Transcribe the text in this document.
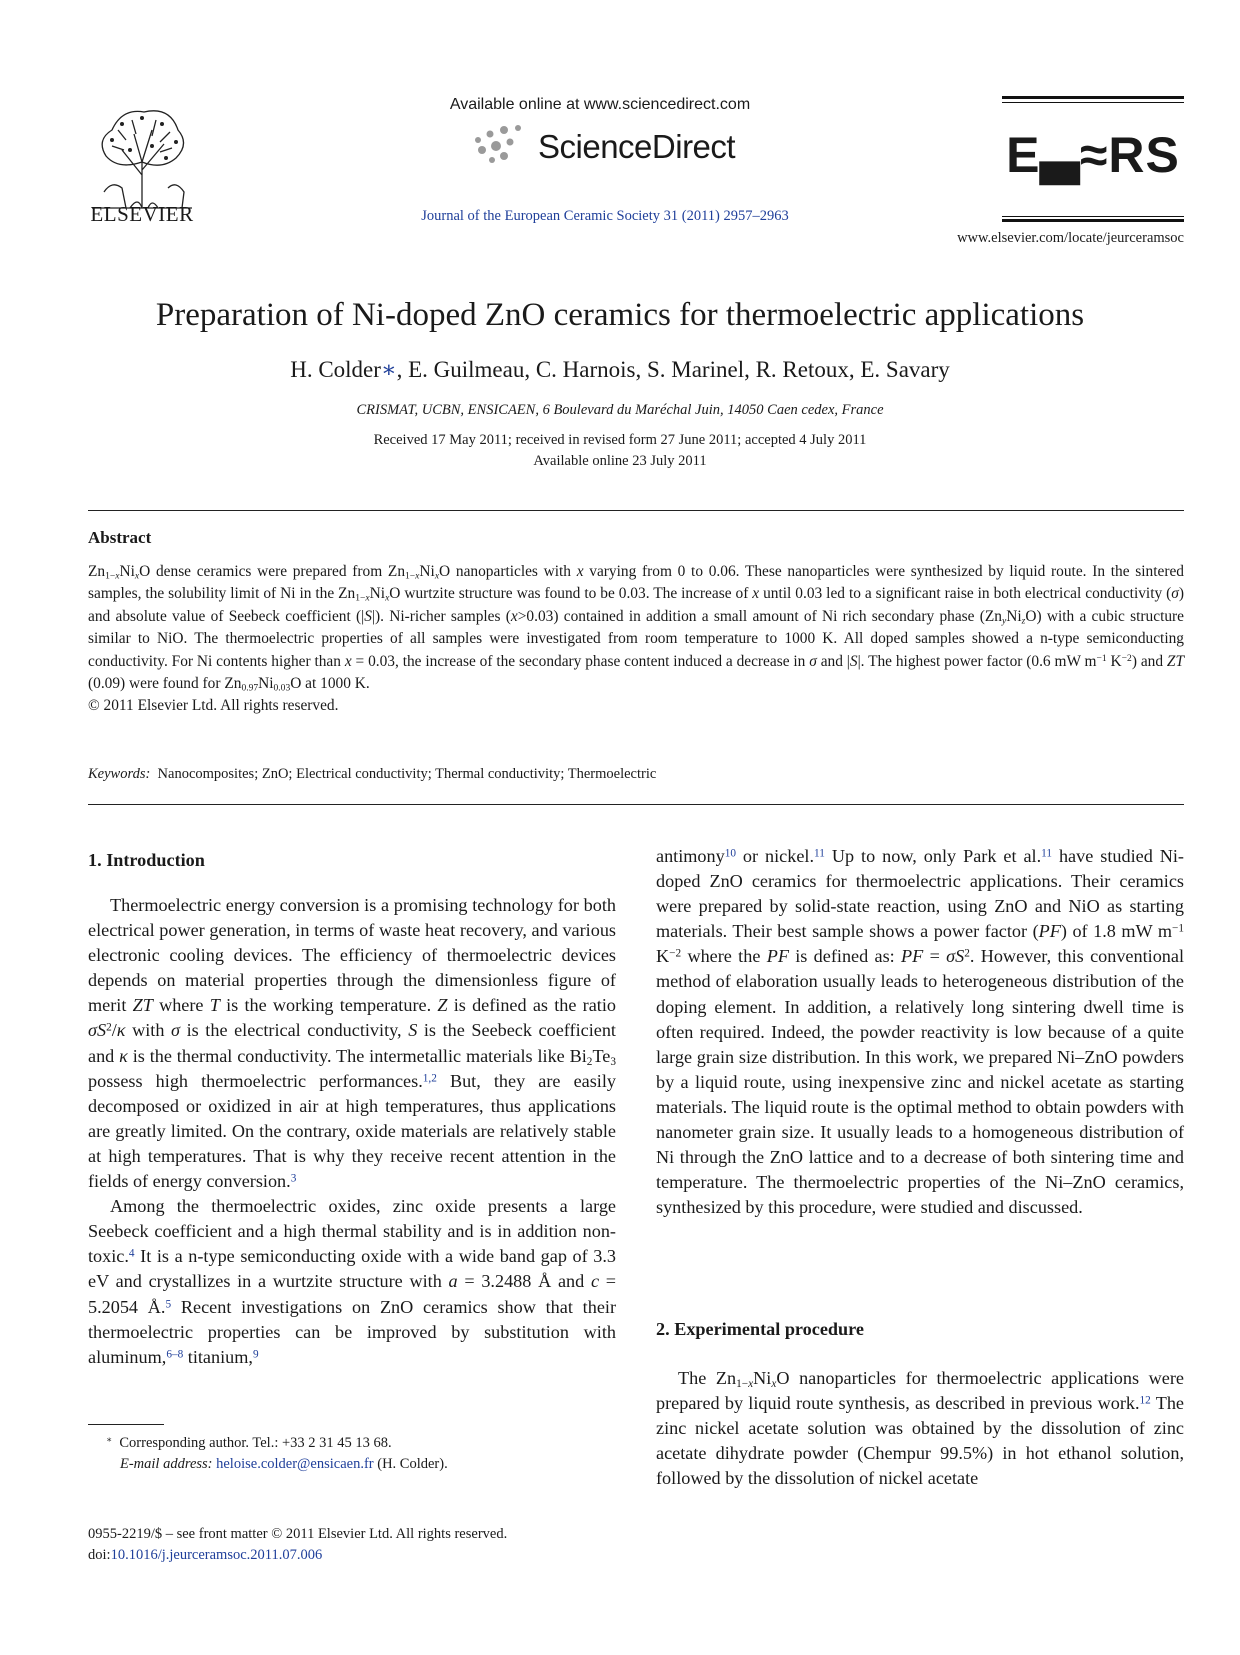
ELSEVIER
Available online at www.sciencedirect.com
ScienceDirect
Journal of the European Ceramic Society 31 (2011) 2957–2963
E▃≈RS
www.elsevier.com/locate/jeurceramsoc
Preparation of Ni-doped ZnO ceramics for thermoelectric applications
H. Colder∗, E. Guilmeau, C. Harnois, S. Marinel, R. Retoux, E. Savary
CRISMAT, UCBN, ENSICAEN, 6 Boulevard du Maréchal Juin, 14050 Caen cedex, France
Received 17 May 2011; received in revised form 27 June 2011; accepted 4 July 2011
Available online 23 July 2011
Abstract
$Zn_{1-x}Ni_xO$ dense ceramics were prepared from $Zn_{1-x}Ni_xO$ nanoparticles with x varying from 0 to 0.06. These nanoparticles were synthesized by liquid route. In the sintered samples, the solubility limit of Ni in the $Zn_{1-x}Ni_xO$ wurtzite structure was found to be 0.03. The increase of x until 0.03 led to a significant raise in both electrical conductivity (σ) and absolute value of Seebeck coefficient (|S|). Ni-richer samples (x>0.03) contained in addition a small amount of Ni rich secondary phase $(Zn_yNi_zO)$ with a cubic structure similar to NiO. The thermoelectric properties of all samples were investigated from room temperature to 1000 K. All doped samples showed a n-type semiconducting conductivity. For Ni contents higher than x = 0.03, the increase of the secondary phase content induced a decrease in σ and |S|. The highest power factor (0.6 mW $m^{-1}$ $K^{-2}$) and ZT (0.09) were found for $Zn_{0.97}Ni_{0.03}O$ at 1000 K.
© 2011 Elsevier Ltd. All rights reserved.
Keywords: Nanocomposites; ZnO; Electrical conductivity; Thermal conductivity; Thermoelectric
1. Introduction

Thermoelectric energy conversion is a promising technology for both electrical power generation, in terms of waste heat recovery, and various electronic cooling devices. The efficiency of thermoelectric devices depends on material properties through the dimensionless figure of merit ZT where T is the working temperature. Z is defined as the ratio $\sigma S^2/\kappa$ with σ is the electrical conductivity, S is the Seebeck coefficient and κ is the thermal conductivity. The intermetallic materials like $Bi_2Te_3$ possess high thermoelectric performances.$^{1,2}$ But, they are easily decomposed or oxidized in air at high temperatures, thus applications are greatly limited. On the contrary, oxide materials are relatively stable at high temperatures. That is why they receive recent attention in the fields of energy conversion.$^3$

Among the thermoelectric oxides, zinc oxide presents a large Seebeck coefficient and a high thermal stability and is in addition non-toxic.$^4$ It is a n-type semiconducting oxide with a wide band gap of 3.3 eV and crystallizes in a wurtzite structure with a = 3.2488 Å and c = 5.2054 Å.$^5$ Recent investigations on ZnO ceramics show that their thermoelectric properties can be improved by substitution with aluminum,$^{6-8}$ titanium,$^9$

antimony$^{10}$ or nickel.$^{11}$ Up to now, only Park et al.$^{11}$ have studied Ni-doped ZnO ceramics for thermoelectric applications. Their ceramics were prepared by solid-state reaction, using ZnO and NiO as starting materials. Their best sample shows a power factor (PF) of 1.8 mW $m^{-1}$ $K^{-2}$ where the PF is defined as: PF = $\sigma S^2$. However, this conventional method of elaboration usually leads to heterogeneous distribution of the doping element. In addition, a relatively long sintering dwell time is often required. Indeed, the powder reactivity is low because of a quite large grain size distribution. In this work, we prepared Ni–ZnO powders by a liquid route, using inexpensive zinc and nickel acetate as starting materials. The liquid route is the optimal method to obtain powders with nanometer grain size. It usually leads to a homogeneous distribution of Ni through the ZnO lattice and to a decrease of both sintering time and temperature. The thermoelectric properties of the Ni–ZnO ceramics, synthesized by this procedure, were studied and discussed.

2. Experimental procedure

The $Zn_{1-x}Ni_xO$ nanoparticles for thermoelectric applications were prepared by liquid route synthesis, as described in previous work.$^{12}$ The zinc nickel acetate solution was obtained by the dissolution of zinc acetate dihydrate powder (Chempur 99.5%) in hot ethanol solution, followed by the dissolution of nickel acetate

∗ Corresponding author. Tel.: +33 2 31 45 13 68.
E-mail address: heloise.colder@ensicaen.fr (H. Colder).
0955-2219/$ – see front matter © 2011 Elsevier Ltd. All rights reserved.
doi:10.1016/j.jeurceramsoc.2011.07.006
